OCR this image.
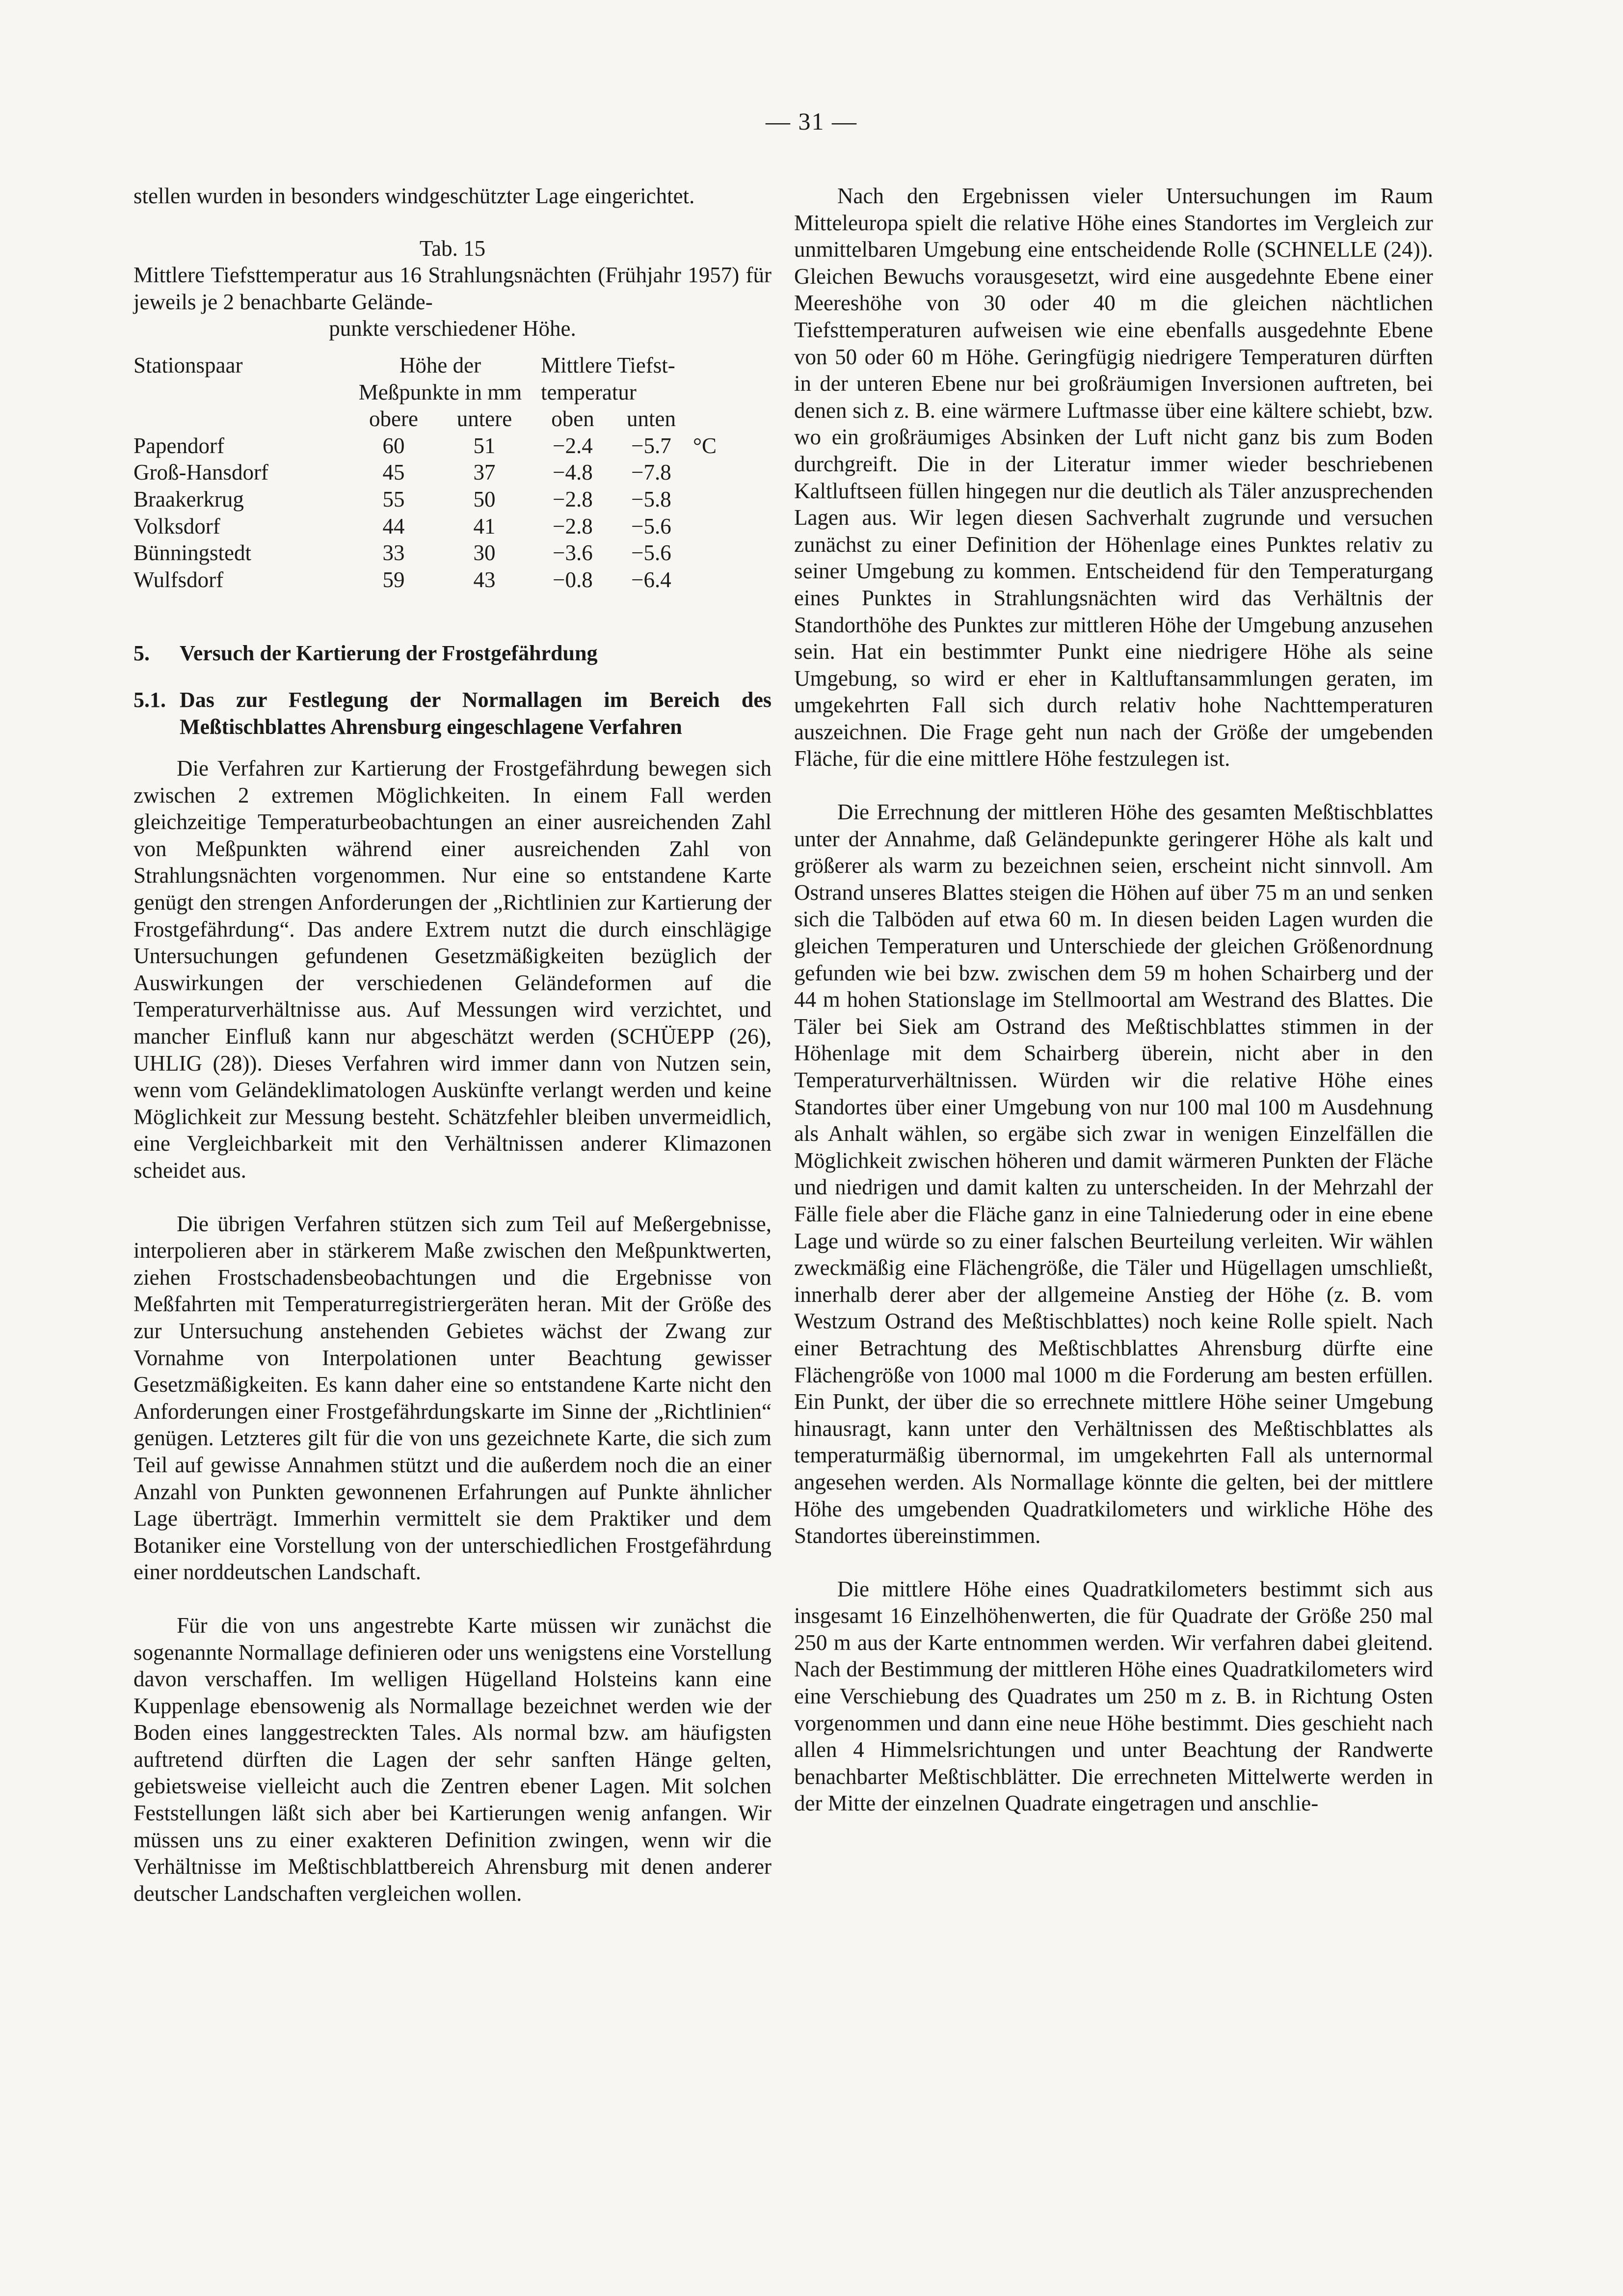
— 31 —

stellen wurden in besonders windgeschützter Lage eingerichtet.

Tab. 15

Mittlere Tiefsttemperatur aus 16 Strahlungsnächten (Frühjahr 1957) für jeweils je 2 benachbarte Gelände-

punkte verschiedener Höhe.

Stationspaar	Höhe der		Mittlere Tiefst-		
	Meßpunkte in mm		temperatur		
	obere	untere	oben	unten	
Papendorf	60	51	−2.4	−5.7	°C
Groß-Hansdorf	45	37	−4.8	−7.8	
Braakerkrug	55	50	−2.8	−5.8	
Volksdorf	44	41	−2.8	−5.6	
Bünningstedt	33	30	−3.6	−5.6	
Wulfsdorf	59	43	−0.8	−6.4	

5. Versuch der Kartierung der Frostgefährdung

5.1. Das zur Festlegung der Normallagen im Bereich des Meßtischblattes Ahrensburg eingeschlagene Verfahren

Die Verfahren zur Kartierung der Frostgefährdung bewegen sich zwischen 2 extremen Möglichkeiten. In einem Fall werden gleichzeitige Temperaturbeobachtungen an einer ausreichenden Zahl von Meßpunkten während einer ausreichenden Zahl von Strahlungsnächten vorgenommen. Nur eine so entstandene Karte genügt den strengen Anforderungen der „Richtlinien zur Kartierung der Frostgefährdung“. Das andere Extrem nutzt die durch einschlägige Untersuchungen gefundenen Gesetzmäßigkeiten bezüglich der Auswirkungen der verschiedenen Geländeformen auf die Temperaturverhältnisse aus. Auf Messungen wird verzichtet, und mancher Einfluß kann nur abgeschätzt werden (SCHÜEPP (26), UHLIG (28)). Dieses Verfahren wird immer dann von Nutzen sein, wenn vom Geländeklimatologen Auskünfte verlangt werden und keine Möglichkeit zur Messung besteht. Schätzfehler bleiben unvermeidlich, eine Vergleichbarkeit mit den Verhältnissen anderer Klimazonen scheidet aus.

Die übrigen Verfahren stützen sich zum Teil auf Meßergebnisse, interpolieren aber in stärkerem Maße zwischen den Meßpunktwerten, ziehen Frostschadensbeobachtungen und die Ergebnisse von Meßfahrten mit Temperaturregistriergeräten heran. Mit der Größe des zur Untersuchung anstehenden Gebietes wächst der Zwang zur Vornahme von Interpolationen unter Beachtung gewisser Gesetzmäßigkeiten. Es kann daher eine so entstandene Karte nicht den Anforderungen einer Frostgefährdungskarte im Sinne der „Richtlinien“ genügen. Letzteres gilt für die von uns gezeichnete Karte, die sich zum Teil auf gewisse Annahmen stützt und die außerdem noch die an einer Anzahl von Punkten gewonnenen Erfahrungen auf Punkte ähnlicher Lage überträgt. Immerhin vermittelt sie dem Praktiker und dem Botaniker eine Vorstellung von der unterschiedlichen Frostgefährdung einer norddeutschen Landschaft.

Für die von uns angestrebte Karte müssen wir zunächst die sogenannte Normallage definieren oder uns wenigstens eine Vorstellung davon verschaffen. Im welligen Hügelland Holsteins kann eine Kuppenlage ebensowenig als Normallage bezeichnet werden wie der Boden eines langgestreckten Tales. Als normal bzw. am häufigsten auftretend dürften die Lagen der sehr sanften Hänge gelten, gebietsweise vielleicht auch die Zentren ebener Lagen. Mit solchen Feststellungen läßt sich aber bei Kartierungen wenig anfangen. Wir müssen uns zu einer exakteren Definition zwingen, wenn wir die Verhältnisse im Meßtischblattbereich Ahrensburg mit denen anderer deutscher Landschaften vergleichen wollen.

Nach den Ergebnissen vieler Untersuchungen im Raum Mitteleuropa spielt die relative Höhe eines Standortes im Vergleich zur unmittelbaren Umgebung eine entscheidende Rolle (SCHNELLE (24)). Gleichen Bewuchs vorausgesetzt, wird eine ausgedehnte Ebene einer Meereshöhe von 30 oder 40 m die gleichen nächtlichen Tiefsttemperaturen aufweisen wie eine ebenfalls ausgedehnte Ebene von 50 oder 60 m Höhe. Geringfügig niedrigere Temperaturen dürften in der unteren Ebene nur bei großräumigen Inversionen auftreten, bei denen sich z. B. eine wärmere Luftmasse über eine kältere schiebt, bzw. wo ein großräumiges Absinken der Luft nicht ganz bis zum Boden durchgreift. Die in der Literatur immer wieder beschriebenen Kaltluftseen füllen hingegen nur die deutlich als Täler anzusprechenden Lagen aus. Wir legen diesen Sachverhalt zugrunde und versuchen zunächst zu einer Definition der Höhenlage eines Punktes relativ zu seiner Umgebung zu kommen. Entscheidend für den Temperaturgang eines Punktes in Strahlungsnächten wird das Verhältnis der Standorthöhe des Punktes zur mittleren Höhe der Umgebung anzusehen sein. Hat ein bestimmter Punkt eine niedrigere Höhe als seine Umgebung, so wird er eher in Kaltluftansammlungen geraten, im umgekehrten Fall sich durch relativ hohe Nachttemperaturen auszeichnen. Die Frage geht nun nach der Größe der umgebenden Fläche, für die eine mittlere Höhe festzulegen ist.

Die Errechnung der mittleren Höhe des gesamten Meßtischblattes unter der Annahme, daß Geländepunkte geringerer Höhe als kalt und größerer als warm zu bezeichnen seien, erscheint nicht sinnvoll. Am Ostrand unseres Blattes steigen die Höhen auf über 75 m an und senken sich die Talböden auf etwa 60 m. In diesen beiden Lagen wurden die gleichen Temperaturen und Unterschiede der gleichen Größenordnung gefunden wie bei bzw. zwischen dem 59 m hohen Schairberg und der 44 m hohen Stationslage im Stellmoortal am Westrand des Blattes. Die Täler bei Siek am Ostrand des Meßtischblattes stimmen in der Höhenlage mit dem Schairberg überein, nicht aber in den Temperaturverhältnissen. Würden wir die relative Höhe eines Standortes über einer Umgebung von nur 100 mal 100 m Ausdehnung als Anhalt wählen, so ergäbe sich zwar in wenigen Einzelfällen die Möglichkeit zwischen höheren und damit wärmeren Punkten der Fläche und niedrigen und damit kalten zu unterscheiden. In der Mehrzahl der Fälle fiele aber die Fläche ganz in eine Talniederung oder in eine ebene Lage und würde so zu einer falschen Beurteilung verleiten. Wir wählen zweckmäßig eine Flächengröße, die Täler und Hügellagen umschließt, innerhalb derer aber der allgemeine Anstieg der Höhe (z. B. vom Westzum Ostrand des Meßtischblattes) noch keine Rolle spielt. Nach einer Betrachtung des Meßtischblattes Ahrensburg dürfte eine Flächengröße von 1000 mal 1000 m die Forderung am besten erfüllen. Ein Punkt, der über die so errechnete mittlere Höhe seiner Umgebung hinausragt, kann unter den Verhältnissen des Meßtischblattes als temperaturmäßig übernormal, im umgekehrten Fall als unternormal angesehen werden. Als Normallage könnte die gelten, bei der mittlere Höhe des umgebenden Quadratkilometers und wirkliche Höhe des Standortes übereinstimmen.

Die mittlere Höhe eines Quadratkilometers bestimmt sich aus insgesamt 16 Einzelhöhenwerten, die für Quadrate der Größe 250 mal 250 m aus der Karte entnommen werden. Wir verfahren dabei gleitend. Nach der Bestimmung der mittleren Höhe eines Quadratkilometers wird eine Verschiebung des Quadrates um 250 m z. B. in Richtung Osten vorgenommen und dann eine neue Höhe bestimmt. Dies geschieht nach allen 4 Himmelsrichtungen und unter Beachtung der Randwerte benachbarter Meßtischblätter. Die errechneten Mittelwerte werden in der Mitte der einzelnen Quadrate eingetragen und anschlie-
